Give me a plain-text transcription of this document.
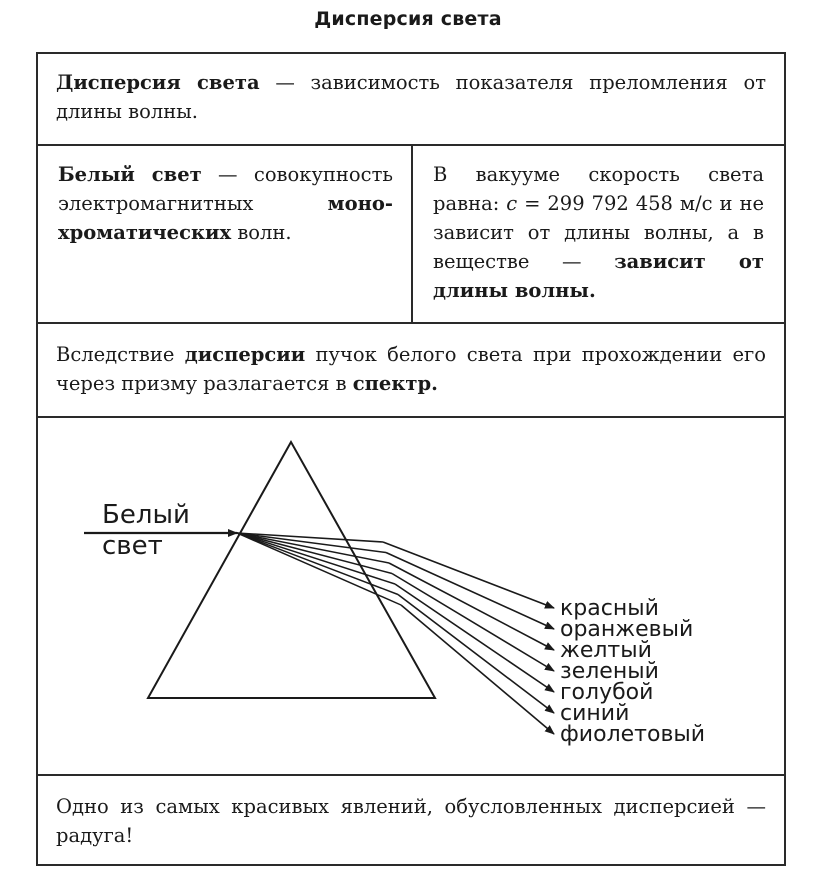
Дисперсия света
Дисперсия света — зависимость показателя преломления от длины волны.
Белый свет — совокупность электромагнитных монохроматических волн.
В вакууме скорость света равна: c = 299 792 458 м/с и не зависит от длины волны, а в веществе — зависит от длины волны.
Вследствие дисперсии пучок белого света при прохождении его через призму разлагается в спектр.
Белый
свет
красный
оранжевый
желтый
зеленый
голубой
синий
фиолетовый
Одно из самых красивых явлений, обусловленных дисперсией — радуга!
